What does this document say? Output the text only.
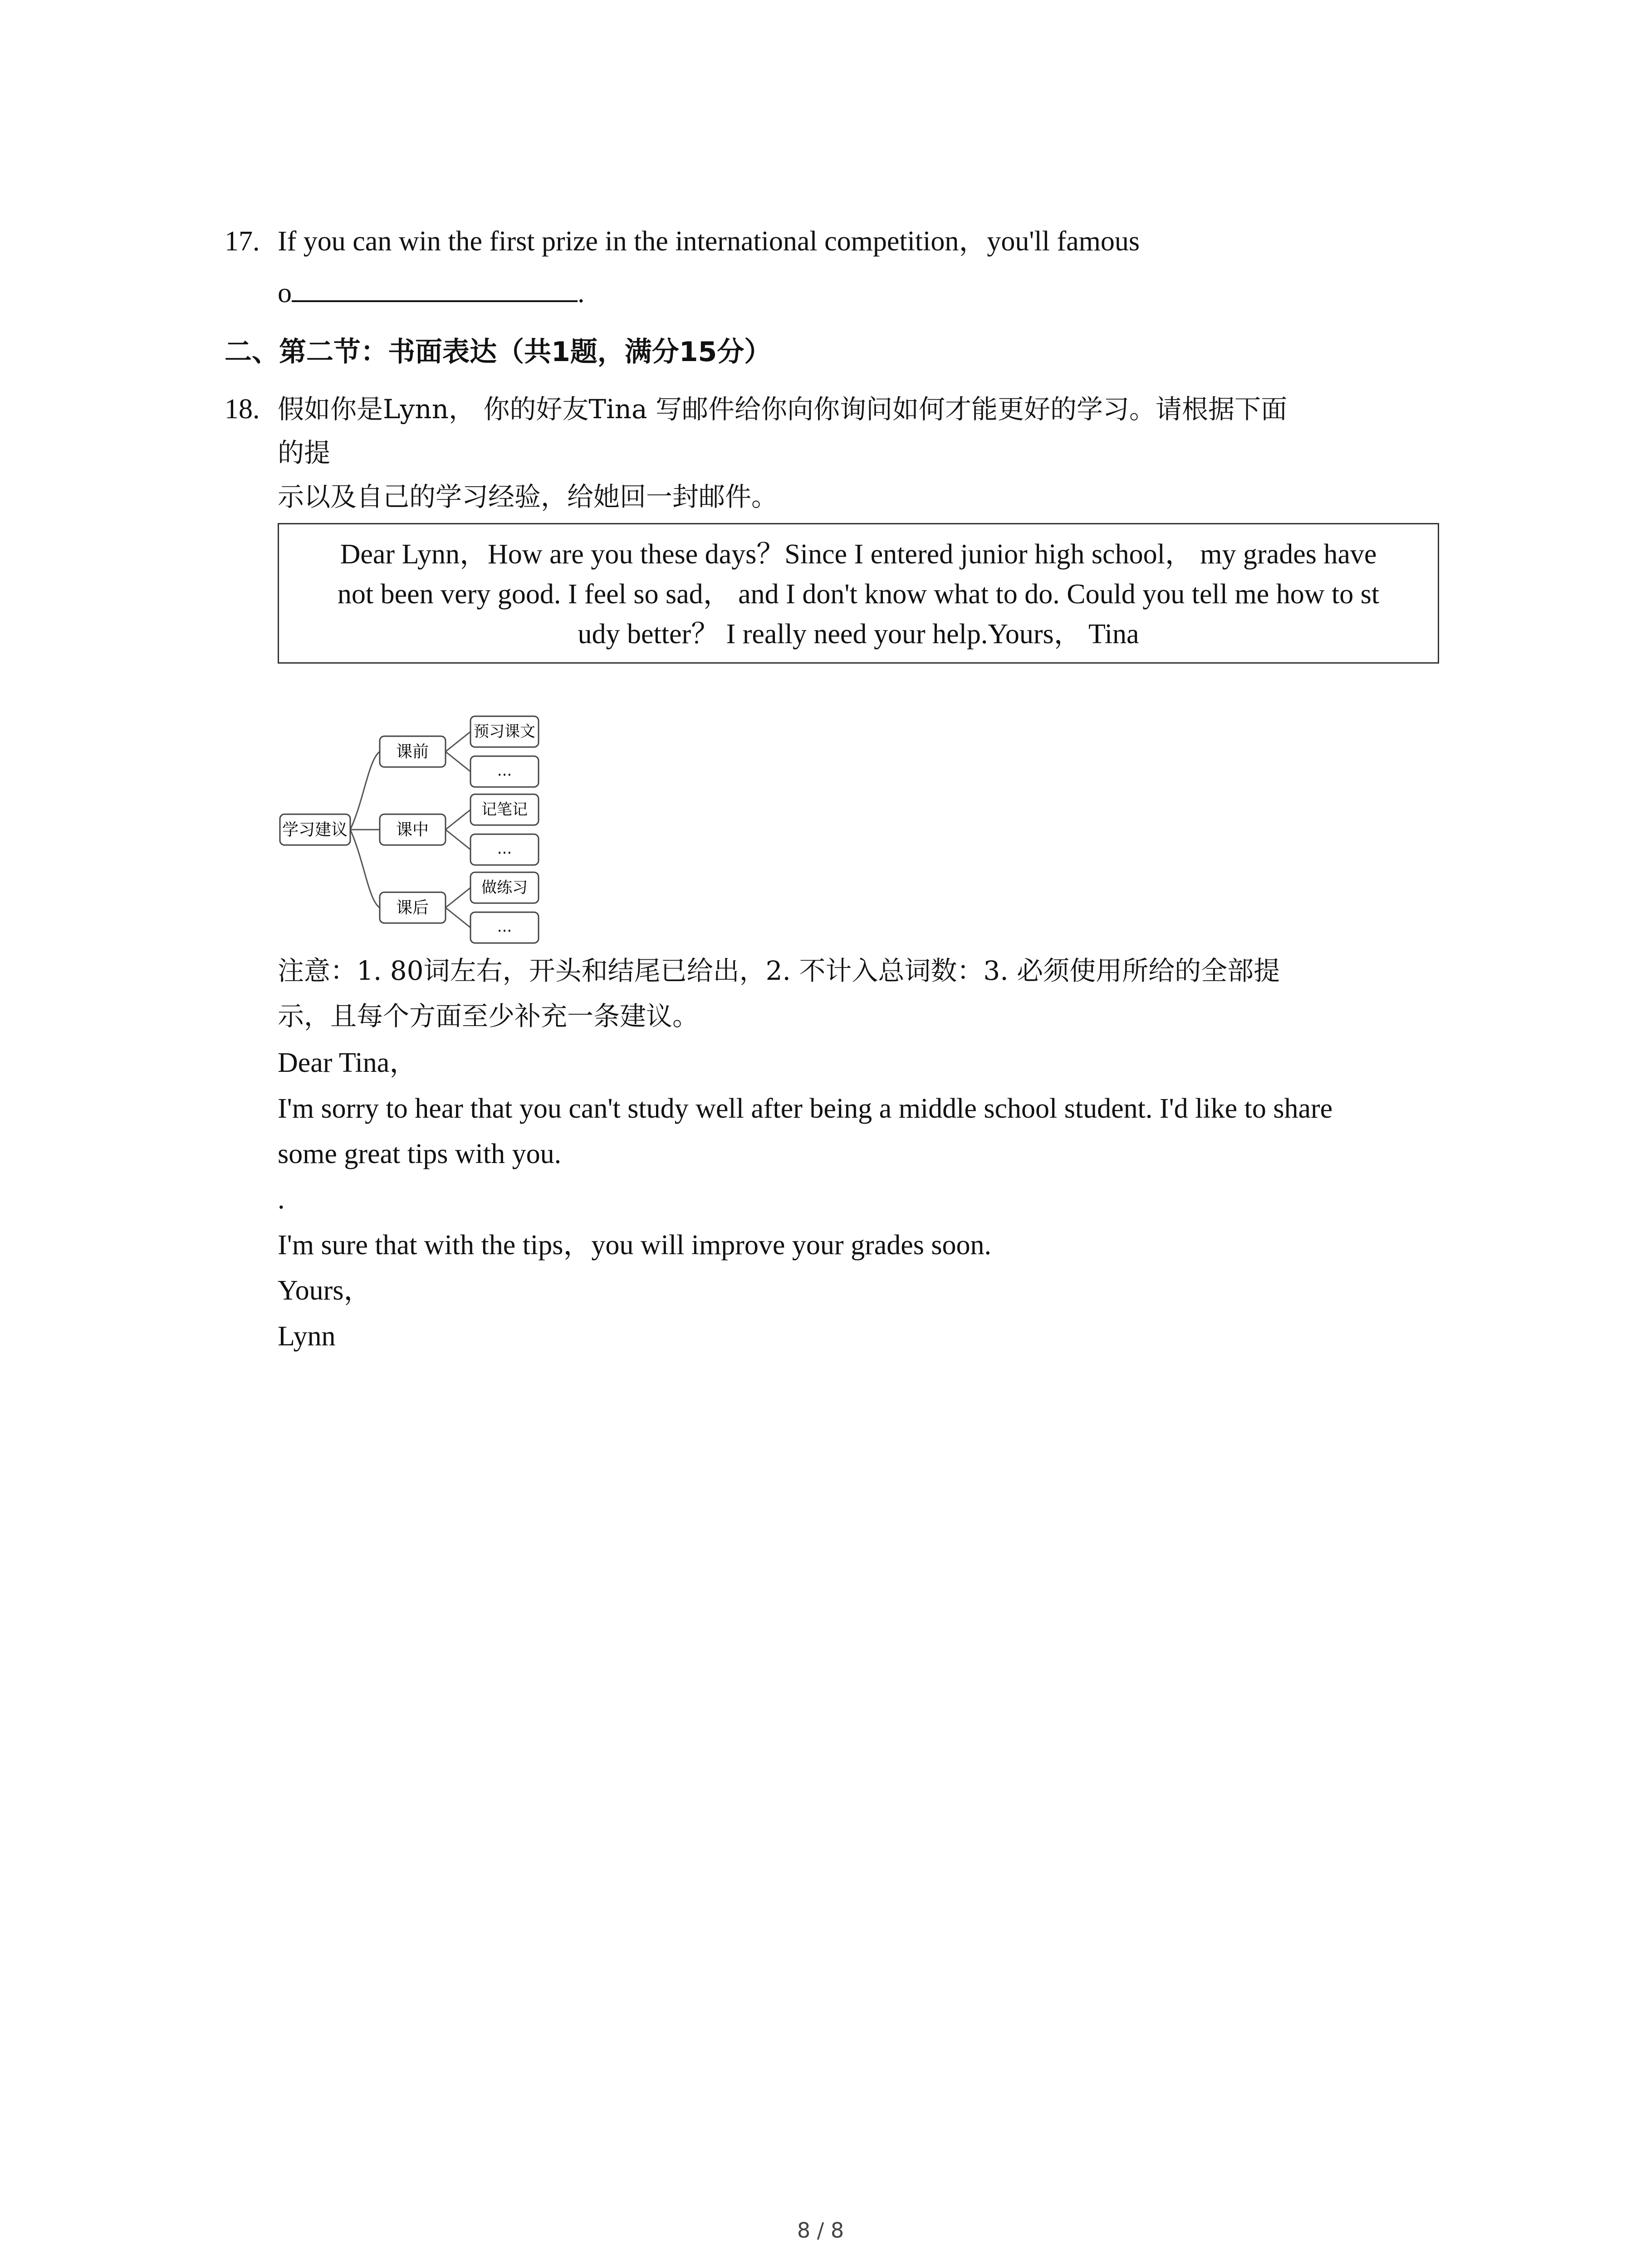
17. If you can win the first prize in the international competition，you'll famous
o	.
二、第二节：书面表达（共1题，满分15分）
18. 假如你是Lynn， 你的好友Tina 写邮件给你向你询问如何才能更好的学习。请根据下面
的提
示以及自己的学习经验，给她回一封邮件。
Dear Lynn，How are you these days？Since I entered junior high school， my grades have
not been very good. I feel so sad， and I don't know what to do. Could you tell me how to st
udy better？ I really need your help.Yours， Tina
学习建议
课前
课中
课后
预习课文
...
记笔记
...
做练习
...
注意：1. 80词左右，开头和结尾已给出，2. 不计入总词数：3. 必须使用所给的全部提
示，且每个方面至少补充一条建议。
Dear Tina，
I'm sorry to hear that you can't study well after being a middle school student. I'd like to share
some great tips with you.
.
I'm sure that with the tips，you will improve your grades soon.
Yours，
Lynn
8 / 8
